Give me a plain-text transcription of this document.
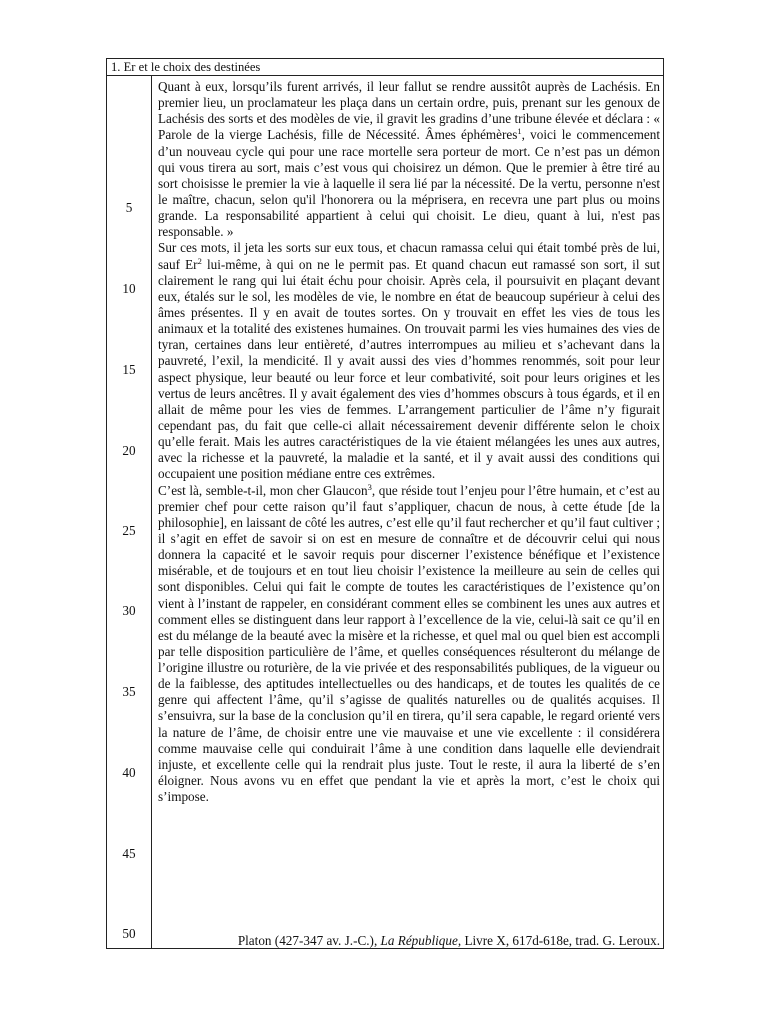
1. Er et le choix des destinées
5
10
15
20
25
30
35
40
45
50

Quant à eux, lorsqu’ils furent arrivés, il leur fallut se rendre aussitôt auprès de Lachésis. En premier lieu, un proclamateur les plaça dans un certain ordre, puis, prenant sur les genoux de Lachésis des sorts et des modèles de vie, il gravit les gradins d’une tribune élevée et déclara : « Parole de la vierge Lachésis, fille de Nécessité. Âmes éphémères$^1$, voici le commencement d’un nouveau cycle qui pour une race mortelle sera porteur de mort. Ce n’est pas un démon qui vous tirera au sort, mais c’est vous qui choisirez un démon. Que le premier à être tiré au sort choisisse le premier la vie à laquelle il sera lié par la nécessité. De la vertu, personne n'est le maître, chacun, selon qu'il l'honorera ou la méprisera, en recevra une part plus ou moins grande. La responsabilité appartient à celui qui choisit. Le dieu, quant à lui, n'est pas responsable. »

Sur ces mots, il jeta les sorts sur eux tous, et chacun ramassa celui qui était tombé près de lui, sauf Er$^2$ lui-même, à qui on ne le permit pas. Et quand chacun eut ramassé son sort, il sut clairement le rang qui lui était échu pour choisir. Après cela, il poursuivit en plaçant devant eux, étalés sur le sol, les modèles de vie, le nombre en état de beaucoup supérieur à celui des âmes présentes. Il y en avait de toutes sortes. On y trouvait en effet les vies de tous les animaux et la totalité des existenes humaines. On trouvait parmi les vies humaines des vies de tyran, certaines dans leur entièreté, d’autres interrompues au milieu et s’achevant dans la pauvreté, l’exil, la mendicité. Il y avait aussi des vies d’hommes renommés, soit pour leur aspect physique, leur beauté ou leur force et leur combativité, soit pour leurs origines et les vertus de leurs ancêtres. Il y avait également des vies d’hommes obscurs à tous égards, et il en allait de même pour les vies de femmes. L’arrangement particulier de l’âme n’y figurait cependant pas, du fait que celle-ci allait nécessairement devenir différente selon le choix qu’elle ferait. Mais les autres caractéristiques de la vie étaient mélangées les unes aux autres, avec la richesse et la pauvreté, la maladie et la santé, et il y avait aussi des conditions qui occupaient une position médiane entre ces extrêmes.

C’est là, semble-t-il, mon cher Glaucon$^3$, que réside tout l’enjeu pour l’être humain, et c’est au premier chef pour cette raison qu’il faut s’appliquer, chacun de nous, à cette étude [de la philosophie], en laissant de côté les autres, c’est elle qu’il faut rechercher et qu’il faut cultiver ; il s’agit en effet de savoir si on est en mesure de connaître et de découvrir celui qui nous donnera la capacité et le savoir requis pour discerner l’existence bénéfique et l’existence misérable, et de toujours et en tout lieu choisir l’existence la meilleure au sein de celles qui sont disponibles. Celui qui fait le compte de toutes les caractéristiques de l’existence qu’on vient à l’instant de rappeler, en considérant comment elles se combinent les unes aux autres et comment elles se distinguent dans leur rapport à l’excellence de la vie, celui-là sait ce qu’il en est du mélange de la beauté avec la misère et la richesse, et quel mal ou quel bien est accompli par telle disposition particulière de l’âme, et quelles conséquences résulteront du mélange de l’origine illustre ou roturière, de la vie privée et des responsabilités publiques, de la vigueur ou de la faiblesse, des aptitudes intellectuelles ou des handicaps, et de toutes les qualités de ce genre qui affectent l’âme, qu’il s’agisse de qualités naturelles ou de qualités acquises. Il s’ensuivra, sur la base de la conclusion qu’il en tirera, qu’il sera capable, le regard orienté vers la nature de l’âme, de choisir entre une vie mauvaise et une vie excellente : il considérera comme mauvaise celle qui conduirait l’âme à une condition dans laquelle elle deviendrait injuste, et excellente celle qui la rendrait plus juste. Tout le reste, il aura la liberté de s’en éloigner. Nous avons vu en effet que pendant la vie et après la mort, c’est le choix qui s’impose.

Platon (427-347 av. J.-C.), La République, Livre X, 617d-618e, trad. G. Leroux.
